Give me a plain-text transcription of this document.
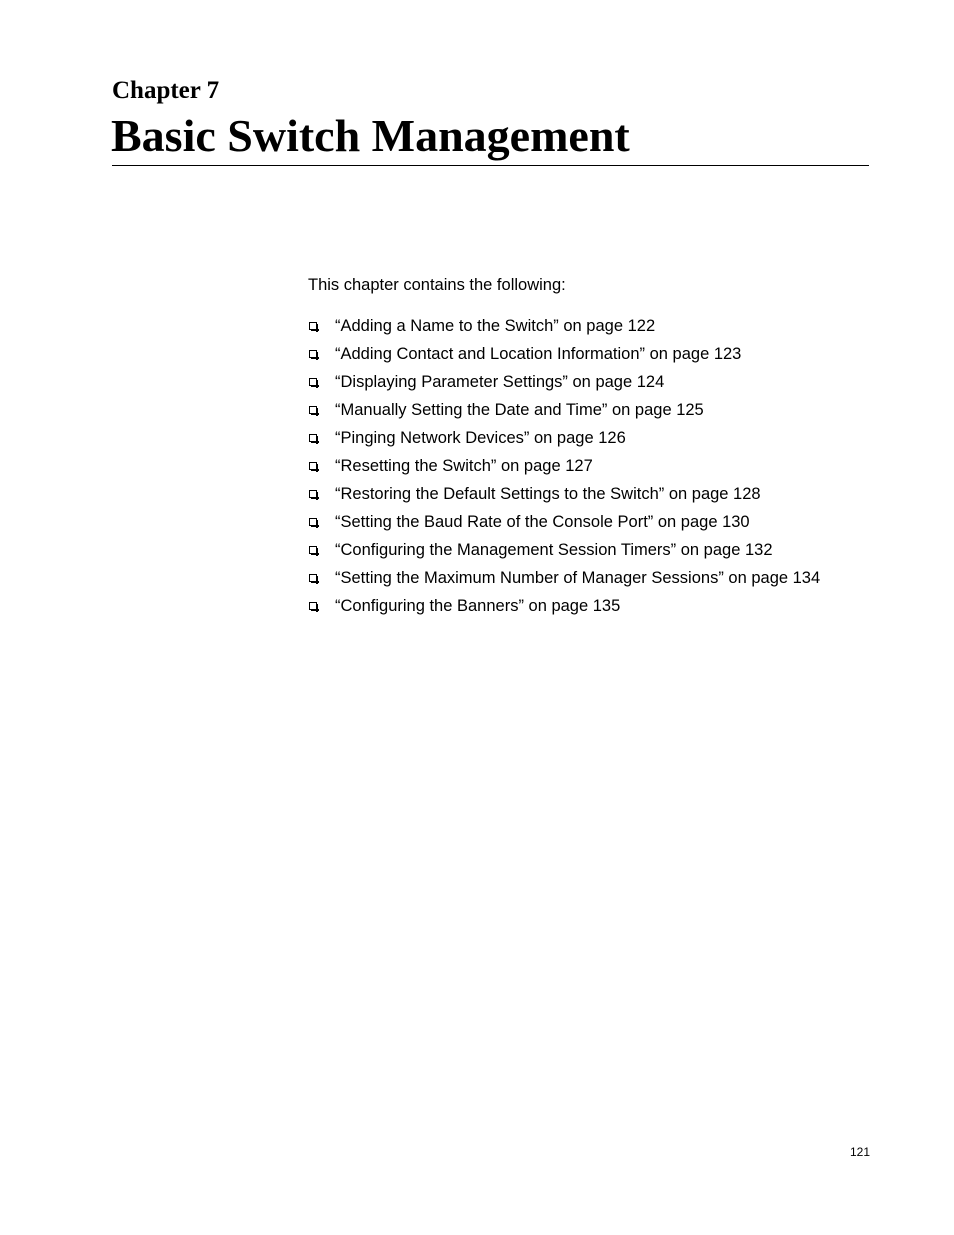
Chapter 7
Basic Switch Management

This chapter contains the following:

“Adding a Name to the Switch” on page 122
“Adding Contact and Location Information” on page 123
“Displaying Parameter Settings” on page 124
“Manually Setting the Date and Time” on page 125
“Pinging Network Devices” on page 126
“Resetting the Switch” on page 127
“Restoring the Default Settings to the Switch” on page 128
“Setting the Baud Rate of the Console Port” on page 130
“Configuring the Management Session Timers” on page 132
“Setting the Maximum Number of Manager Sessions” on page 134
“Configuring the Banners” on page 135
121
